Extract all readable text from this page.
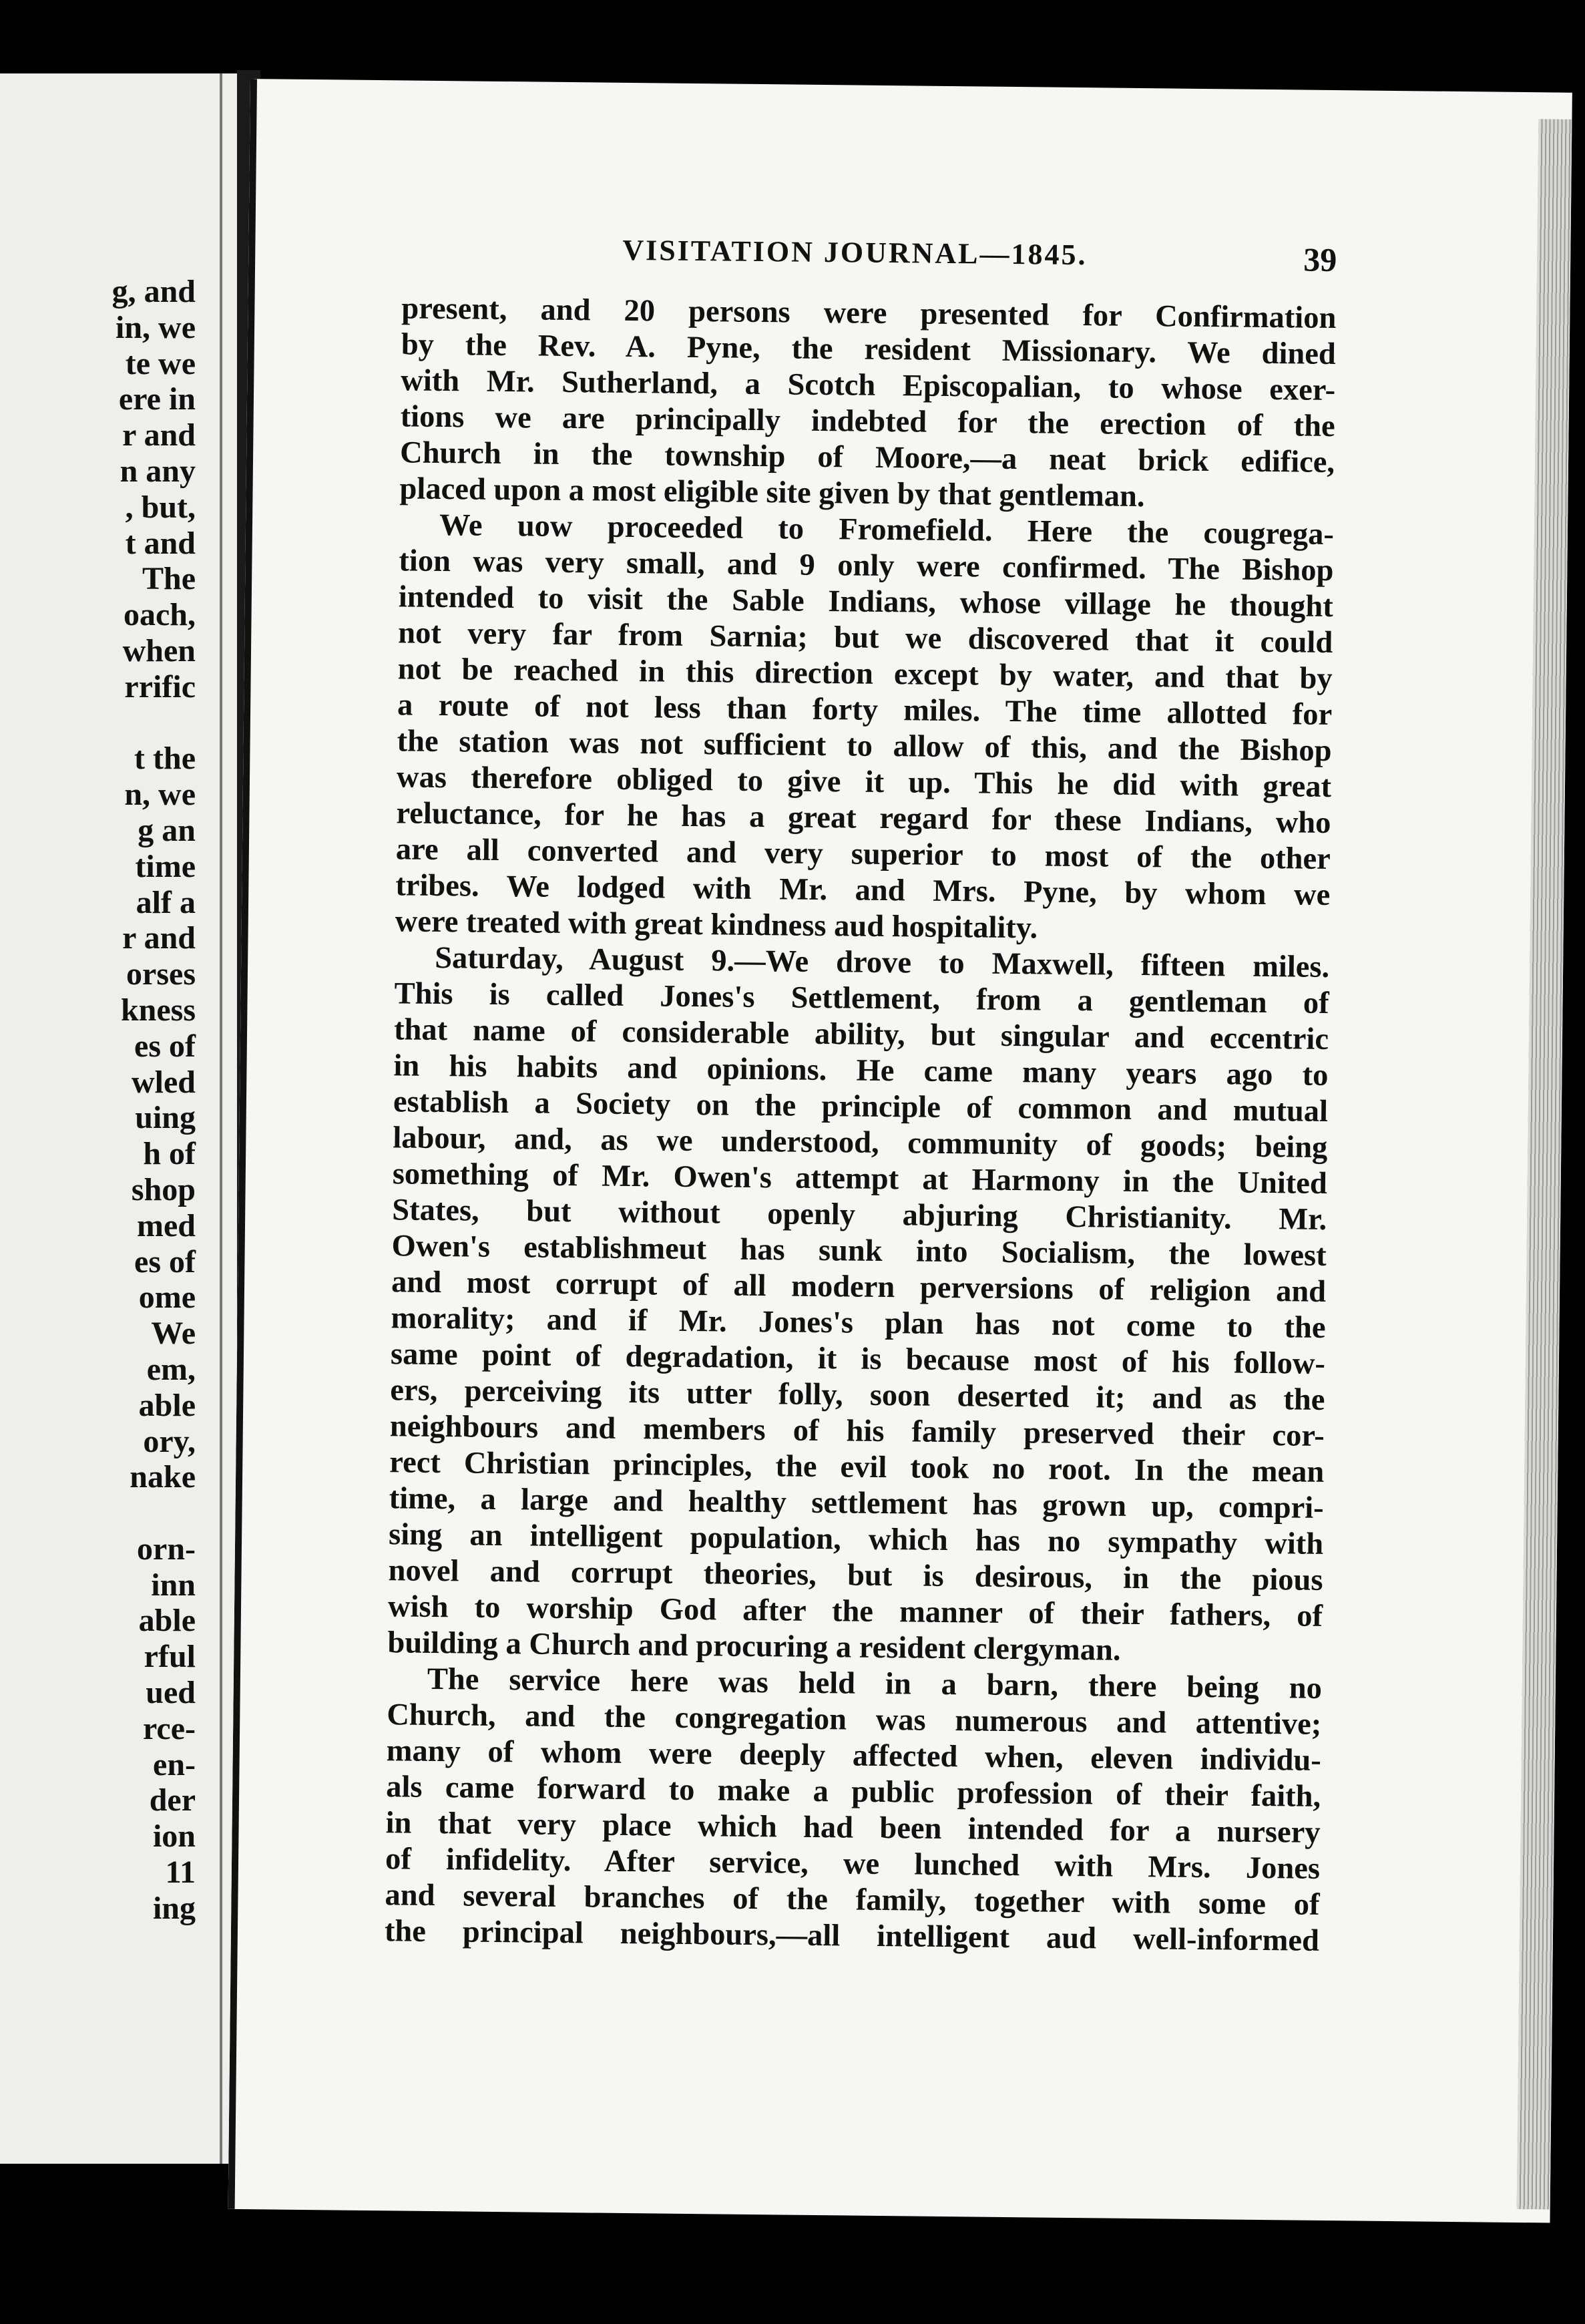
g, and
in, we
te we
ere in
r and
n any
, but,
t and
The
oach,
when
rrific
t the
n, we
g an
time
alf a
r and
orses
kness
es of
wled
uing
h of
shop
med
es of
ome
We
em,
able
ory,
nake
orn-
inn
able
rful
ued
rce-
en-
der
ion
11
ing
VISITATION JOURNAL—1845.	39
present, and 20 persons were presented for Confirmation
by the Rev. A. Pyne, the resident Missionary. We dined
with Mr. Sutherland, a Scotch Episcopalian, to whose exer-
tions we are principally indebted for the erection of the
Church in the township of Moore,—a neat brick edifice,
placed upon a most eligible site given by that gentleman.
We uow proceeded to Fromefield. Here the cougrega-
tion was very small, and 9 only were confirmed. The Bishop
intended to visit the Sable Indians, whose village he thought
not very far from Sarnia; but we discovered that it could
not be reached in this direction except by water, and that by
a route of not less than forty miles. The time allotted for
the station was not sufficient to allow of this, and the Bishop
was therefore obliged to give it up. This he did with great
reluctance, for he has a great regard for these Indians, who
are all converted and very superior to most of the other
tribes. We lodged with Mr. and Mrs. Pyne, by whom we
were treated with great kindness aud hospitality.
Saturday, August 9.—We drove to Maxwell, fifteen miles.
This is called Jones's Settlement, from a gentleman of
that name of considerable ability, but singular and eccentric
in his habits and opinions. He came many years ago to
establish a Society on the principle of common and mutual
labour, and, as we understood, community of goods; being
something of Mr. Owen's attempt at Harmony in the United
States, but without openly abjuring Christianity. Mr.
Owen's establishmeut has sunk into Socialism, the lowest
and most corrupt of all modern perversions of religion and
morality; and if Mr. Jones's plan has not come to the
same point of degradation, it is because most of his follow-
ers, perceiving its utter folly, soon deserted it; and as the
neighbours and members of his family preserved their cor-
rect Christian principles, the evil took no root. In the mean
time, a large and healthy settlement has grown up, compri-
sing an intelligent population, which has no sympathy with
novel and corrupt theories, but is desirous, in the pious
wish to worship God after the manner of their fathers, of
building a Church and procuring a resident clergyman.
The service here was held in a barn, there being no
Church, and the congregation was numerous and attentive;
many of whom were deeply affected when, eleven individu-
als came forward to make a public profession of their faith,
in that very place which had been intended for a nursery
of infidelity. After service, we lunched with Mrs. Jones
and several branches of the family, together with some of
the principal neighbours,—all intelligent aud well-informed
